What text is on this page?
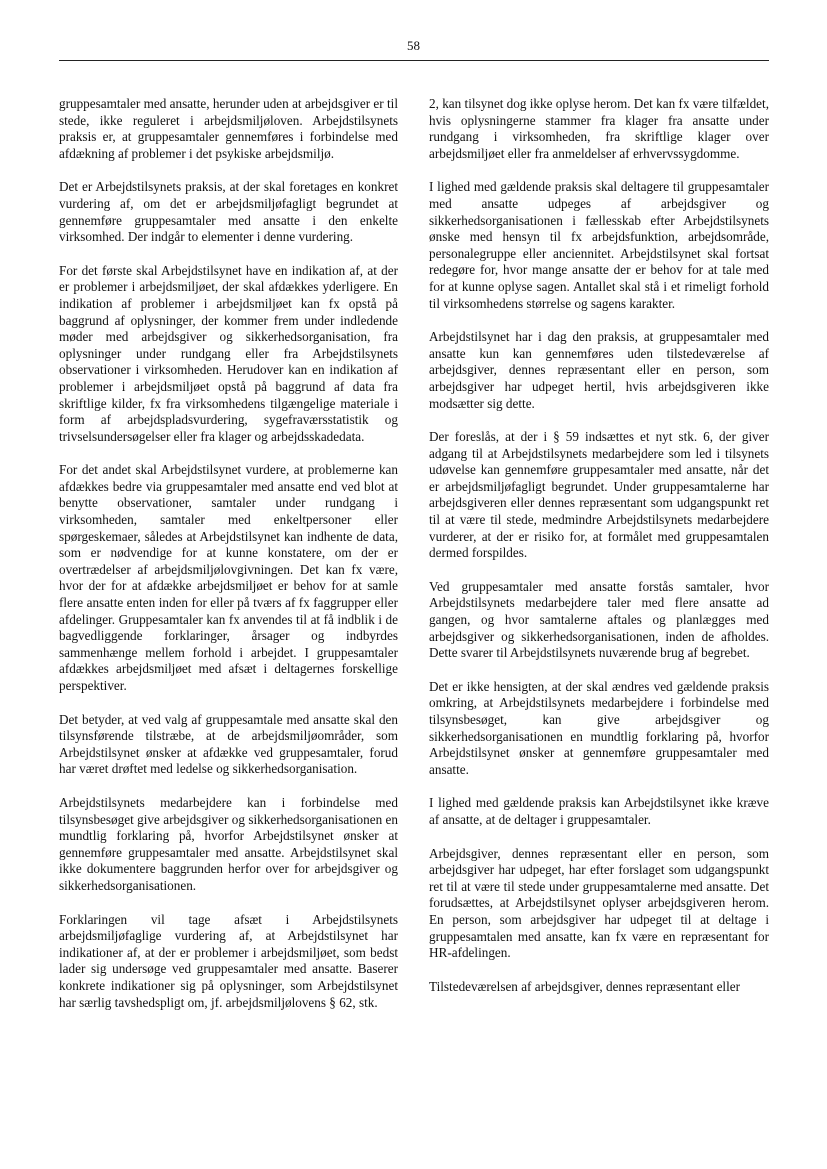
58

gruppesamtaler med ansatte, herunder uden at arbejdsgiver er til stede, ikke reguleret i arbejdsmiljøloven. Arbejdstilsynets praksis er, at gruppesamtaler gennemføres i forbindelse med afdækning af problemer i det psykiske arbejdsmiljø.

Det er Arbejdstilsynets praksis, at der skal foretages en konkret vurdering af, om det er arbejdsmiljøfagligt begrundet at gennemføre gruppesamtaler med ansatte i den enkelte virksomhed. Der indgår to elementer i denne vurdering.

For det første skal Arbejdstilsynet have en indikation af, at der er problemer i arbejdsmiljøet, der skal afdækkes yderligere. En indikation af problemer i arbejdsmiljøet kan fx opstå på baggrund af oplysninger, der kommer frem under indledende møder med arbejdsgiver og sikkerhedsorganisation, fra oplysninger under rundgang eller fra Arbejdstilsynets observationer i virksomheden. Herudover kan en indikation af problemer i arbejdsmiljøet opstå på baggrund af data fra skriftlige kilder, fx fra virksomhedens tilgængelige materiale i form af arbejdspladsvurdering, sygefraværsstatistik og trivselsundersøgelser eller fra klager og arbejdsskadedata.

For det andet skal Arbejdstilsynet vurdere, at problemerne kan afdækkes bedre via gruppesamtaler med ansatte end ved blot at benytte observationer, samtaler under rundgang i virksomheden, samtaler med enkeltpersoner eller spørgeskemaer, således at Arbejdstilsynet kan indhente de data, som er nødvendige for at kunne konstatere, om der er overtrædelser af arbejdsmiljølovgivningen. Det kan fx være, hvor der for at afdække arbejdsmiljøet er behov for at samle flere ansatte enten inden for eller på tværs af fx faggrupper eller afdelinger. Gruppesamtaler kan fx anvendes til at få indblik i de bagvedliggende forklaringer, årsager og indbyrdes sammenhænge mellem forhold i arbejdet. I gruppesamtaler afdækkes arbejdsmiljøet med afsæt i deltagernes forskellige perspektiver.

Det betyder, at ved valg af gruppesamtale med ansatte skal den tilsynsførende tilstræbe, at de arbejdsmiljøområder, som Arbejdstilsynet ønsker at afdække ved gruppesamtaler, forud har været drøftet med ledelse og sikkerhedsorganisation.

Arbejdstilsynets medarbejdere kan i forbindelse med tilsynsbesøget give arbejdsgiver og sikkerhedsorganisationen en mundtlig forklaring på, hvorfor Arbejdstilsynet ønsker at gennemføre gruppesamtaler med ansatte. Arbejdstilsynet skal ikke dokumentere baggrunden herfor over for arbejdsgiver og sikkerhedsorganisationen.

Forklaringen vil tage afsæt i Arbejdstilsynets arbejdsmiljøfaglige vurdering af, at Arbejdstilsynet har indikationer af, at der er problemer i arbejdsmiljøet, som bedst lader sig undersøge ved gruppesamtaler med ansatte. Baserer konkrete indikationer sig på oplysninger, som Arbejdstilsynet har særlig tavshedspligt om, jf. arbejdsmiljølovens § 62, stk.

2, kan tilsynet dog ikke oplyse herom. Det kan fx være tilfældet, hvis oplysningerne stammer fra klager fra ansatte under rundgang i virksomheden, fra skriftlige klager over arbejdsmiljøet eller fra anmeldelser af erhvervssygdomme.

I lighed med gældende praksis skal deltagere til gruppesamtaler med ansatte udpeges af arbejdsgiver og sikkerhedsorganisationen i fællesskab efter Arbejdstilsynets ønske med hensyn til fx arbejdsfunktion, arbejdsområde, personalegruppe eller anciennitet. Arbejdstilsynet skal fortsat redegøre for, hvor mange ansatte der er behov for at tale med for at kunne oplyse sagen. Antallet skal stå i et rimeligt forhold til virksomhedens størrelse og sagens karakter.

Arbejdstilsynet har i dag den praksis, at gruppesamtaler med ansatte kun kan gennemføres uden tilstedeværelse af arbejdsgiver, dennes repræsentant eller en person, som arbejdsgiver har udpeget hertil, hvis arbejdsgiveren ikke modsætter sig dette.

Der foreslås, at der i § 59 indsættes et nyt stk. 6, der giver adgang til at Arbejdstilsynets medarbejdere som led i tilsynets udøvelse kan gennemføre gruppesamtaler med ansatte, når det er arbejdsmiljøfagligt begrundet. Under gruppesamtalerne har arbejdsgiveren eller dennes repræsentant som udgangspunkt ret til at være til stede, medmindre Arbejdstilsynets medarbejdere vurderer, at der er risiko for, at formålet med gruppesamtalen dermed forspildes.

Ved gruppesamtaler med ansatte forstås samtaler, hvor Arbejdstilsynets medarbejdere taler med flere ansatte ad gangen, og hvor samtalerne aftales og planlægges med arbejdsgiver og sikkerhedsorganisationen, inden de afholdes. Dette svarer til Arbejdstilsynets nuværende brug af begrebet.

Det er ikke hensigten, at der skal ændres ved gældende praksis omkring, at Arbejdstilsynets medarbejdere i forbindelse med tilsynsbesøget, kan give arbejdsgiver og sikkerhedsorganisationen en mundtlig forklaring på, hvorfor Arbejdstilsynet ønsker at gennemføre gruppesamtaler med ansatte.

I lighed med gældende praksis kan Arbejdstilsynet ikke kræve af ansatte, at de deltager i gruppesamtaler.

Arbejdsgiver, dennes repræsentant eller en person, som arbejdsgiver har udpeget, har efter forslaget som udgangspunkt ret til at være til stede under gruppesamtalerne med ansatte. Det forudsættes, at Arbejdstilsynet oplyser arbejdsgiveren herom. En person, som arbejdsgiver har udpeget til at deltage i gruppesamtalen med ansatte, kan fx være en repræsentant for HR-afdelingen.

Tilstedeværelsen af arbejdsgiver, dennes repræsentant eller
